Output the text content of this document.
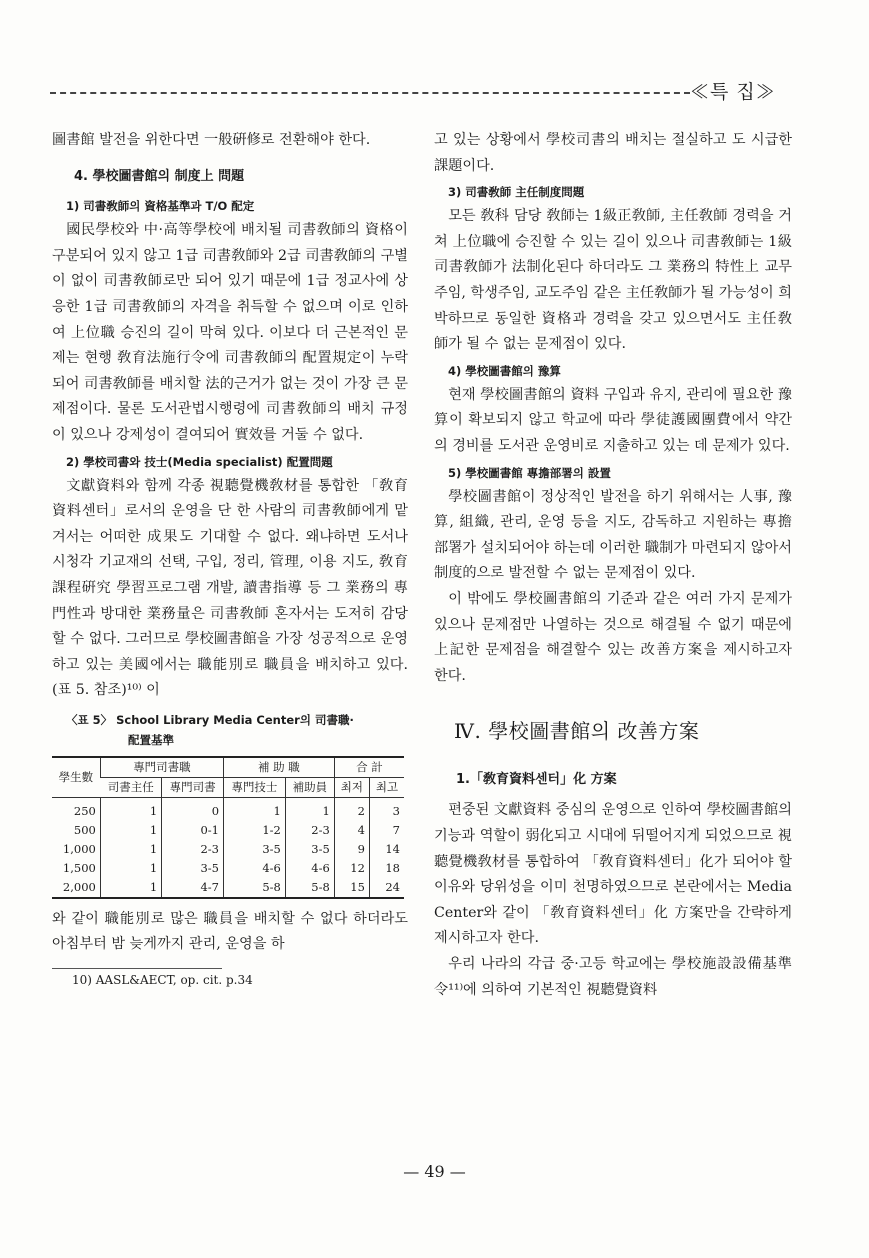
≪특 집≫

圖書館 발전을 위한다면 一般硏修로 전환해야 한다.

4. 學校圖書館의 制度上 問題
1) 司書敎師의 資格基準과 T/O 配定

國民學校와 中·高等學校에 배치될 司書敎師의 資格이 구분되어 있지 않고 1급 司書敎師와 2급 司書敎師의 구별이 없이 司書敎師로만 되어 있기 때문에 1급 정교사에 상응한 1급 司書敎師의 자격을 취득할 수 없으며 이로 인하여 上位職 승진의 길이 막혀 있다. 이보다 더 근본적인 문제는 현행 敎育法施行令에 司書敎師의 配置規定이 누락되어 司書敎師를 배치할 法的근거가 없는 것이 가장 큰 문제점이다. 물론 도서관법시행령에 司書敎師의 배치 규정이 있으나 강제성이 결여되어 實效를 거둘 수 없다.

2) 學校司書와 技士(Media specialist) 配置問題

文獻資料와 함께 각종 視聽覺機敎材를 통합한 「敎育資料센터」로서의 운영을 단 한 사람의 司書敎師에게 맡겨서는 어떠한 成果도 기대할 수 없다. 왜냐하면 도서나 시청각 기교재의 선택, 구입, 정리, 管理, 이용 지도, 敎育課程硏究 學習프로그램 개발, 讀書指導 등 그 業務의 專門性과 방대한 業務量은 司書敎師 혼자서는 도저히 감당할 수 없다. 그러므로 學校圖書館을 가장 성공적으로 운영하고 있는 美國에서는 職能別로 職員을 배치하고 있다. (표 5. 참조)¹⁰⁾ 이

〈표 5〉 School Library Media Center의 司書職·
配置基準
學生數	專門司書職		補 助 職		合 計	
	司書主任	專門司書	專門技士	補助員	최저	최고
250	1	0	1	1	2	3
500	1	0-1	1-2	2-3	4	7
1,000	1	2-3	3-5	3-5	9	14
1,500	1	3-5	4-6	4-6	12	18
2,000	1	4-7	5-8	5-8	15	24

와 같이 職能別로 많은 職員을 배치할 수 없다 하더라도 아침부터 밤 늦게까지 관리, 운영을 하

10) AASL&AECT, op. cit. p.34

고 있는 상황에서 學校司書의 배치는 절실하고 도 시급한 課題이다.

3) 司書敎師 主任制度問題

모든 敎科 담당 敎師는 1級正敎師, 主任敎師 경력을 거쳐 上位職에 승진할 수 있는 길이 있으나 司書敎師는 1級司書敎師가 法制化된다 하더라도 그 業務의 特性上 교무주임, 학생주임, 교도주임 같은 主任敎師가 될 가능성이 희박하므로 동일한 資格과 경력을 갖고 있으면서도 主任敎師가 될 수 없는 문제점이 있다.

4) 學校圖書館의 豫算

현재 學校圖書館의 資料 구입과 유지, 관리에 필요한 豫算이 확보되지 않고 학교에 따라 學徒護國團費에서 약간의 경비를 도서관 운영비로 지출하고 있는 데 문제가 있다.

5) 學校圖書館 專擔部署의 設置

學校圖書館이 정상적인 발전을 하기 위해서는 人事, 豫算, 組織, 관리, 운영 등을 지도, 감독하고 지원하는 專擔部署가 설치되어야 하는데 이러한 職制가 마련되지 않아서 制度的으로 발전할 수 없는 문제점이 있다.

이 밖에도 學校圖書館의 기준과 같은 여러 가지 문제가 있으나 문제점만 나열하는 것으로 해결될 수 없기 때문에 上記한 문제점을 해결할수 있는 改善方案을 제시하고자 한다.

Ⅳ. 學校圖書館의 改善方案
1.「敎育資料센터」化 方案

편중된 文獻資料 중심의 운영으로 인하여 學校圖書館의 기능과 역할이 弱化되고 시대에 뒤떨어지게 되었으므로 視聽覺機敎材를 통합하여 「敎育資料센터」化가 되어야 할 이유와 당위성을 이미 천명하였으므로 본란에서는 Media Center와 같이 「敎育資料센터」化 方案만을 간략하게 제시하고자 한다.

우리 나라의 각급 중·고등 학교에는 學校施設設備基準令¹¹⁾에 의하여 기본적인 視聽覺資料

— 49 —
